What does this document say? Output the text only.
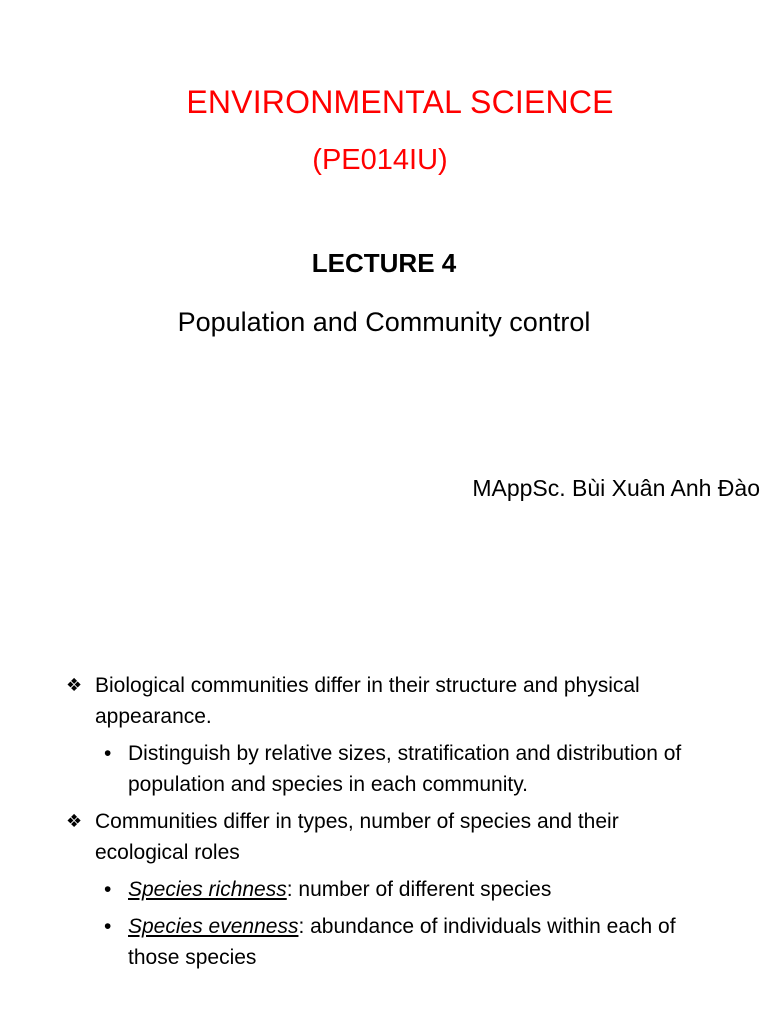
ENVIRONMENTAL SCIENCE
(PE014IU)
LECTURE 4
Population and Community control
MAppSc. Bùi Xuân Anh Đào
❖ Biological communities differ in their structure and physical appearance.
• Distinguish by relative sizes, stratification and distribution of population and species in each community.
❖ Communities differ in types, number of species and their ecological roles
• Species richness: number of different species
• Species evenness: abundance of individuals within each of those species
